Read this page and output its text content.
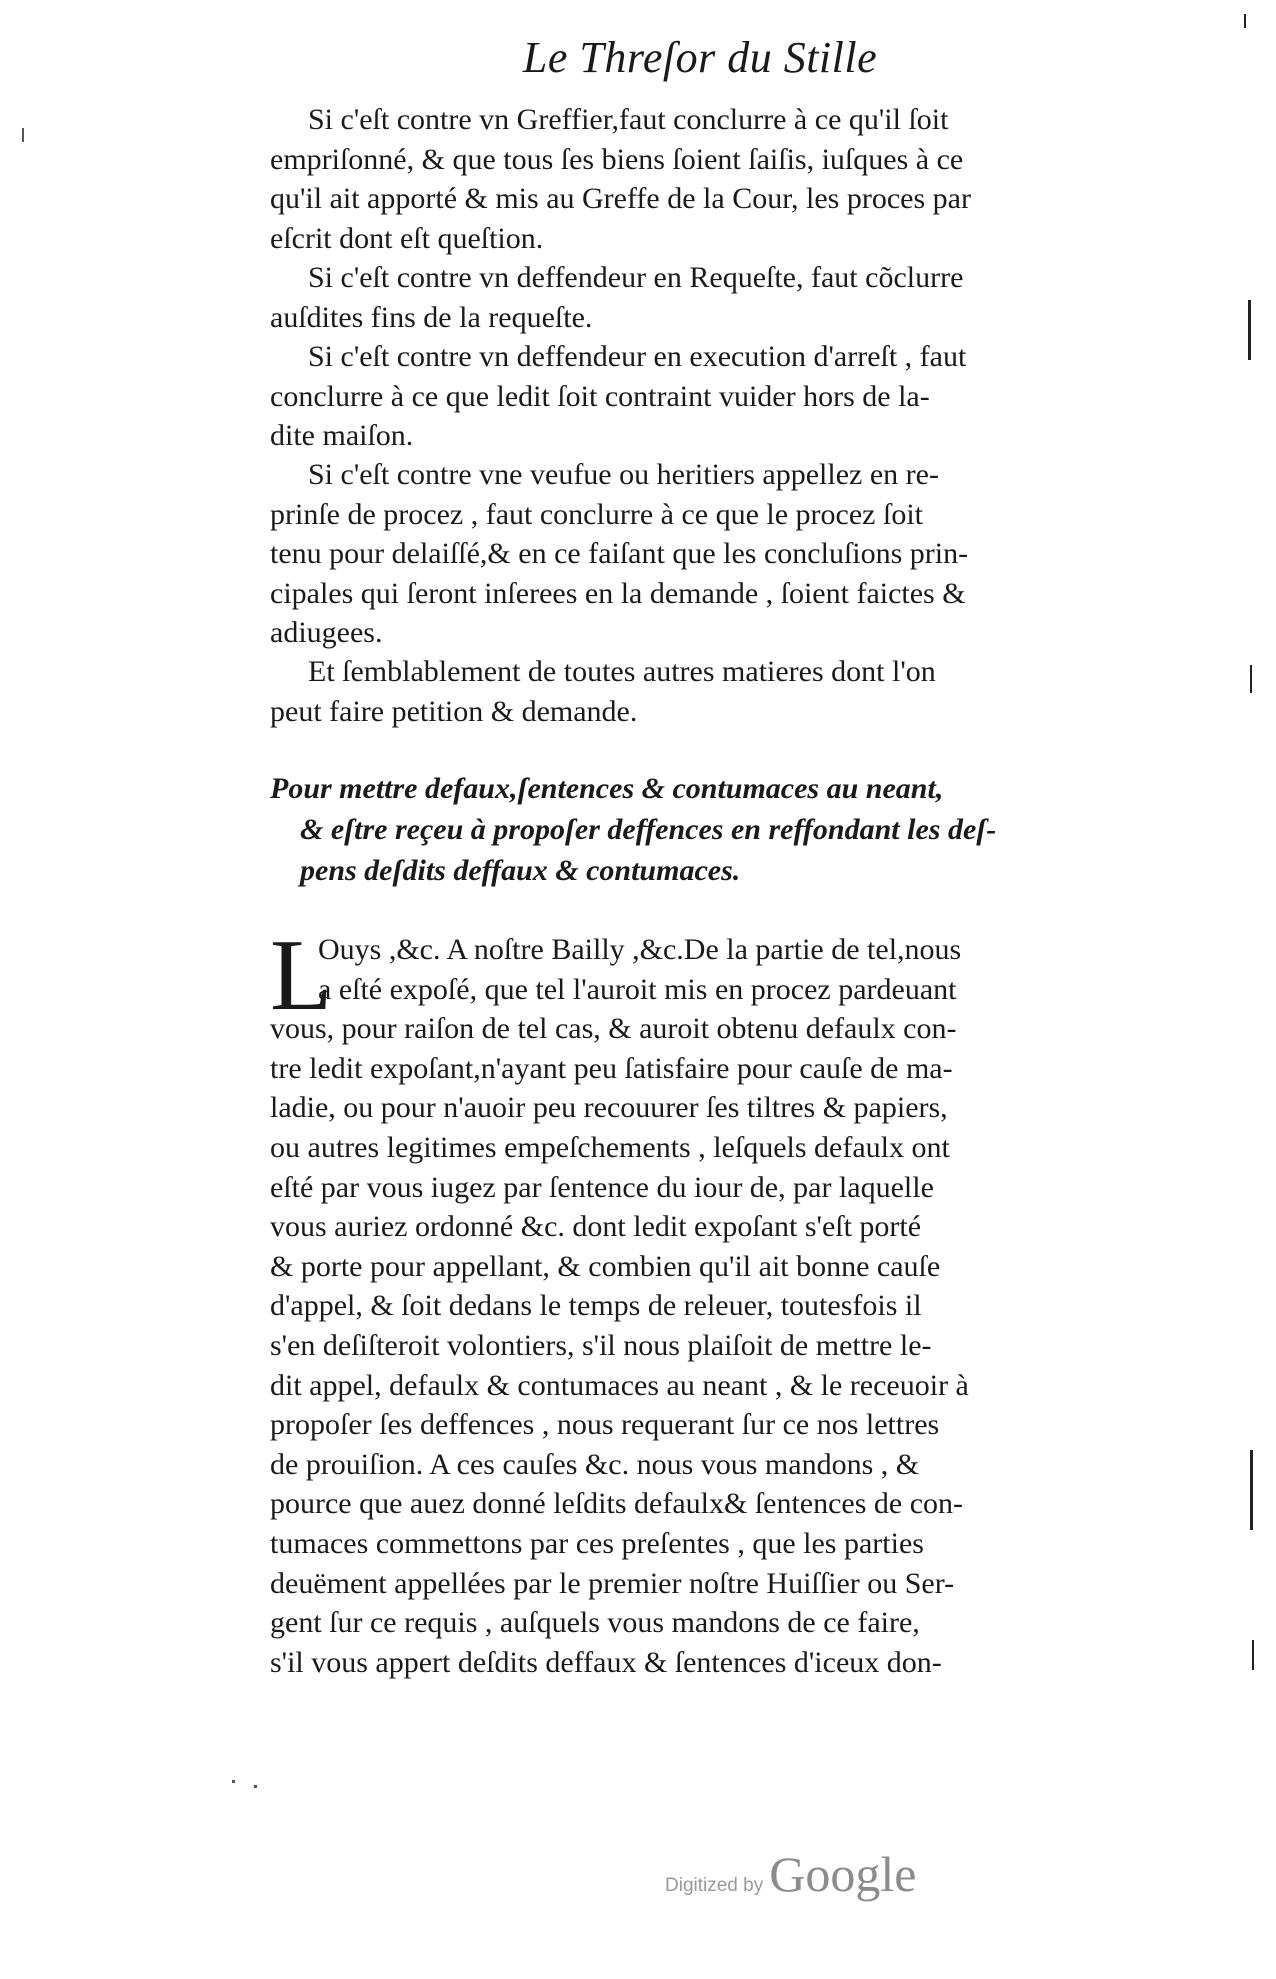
Le Threſor du Stille
Si c'eſt contre vn Greffier,faut conclurre à ce qu'il ſoit
empriſonné, & que tous ſes biens ſoient ſaiſis, iuſques à ce
qu'il ait apporté & mis au Greffe de la Cour, les proces par
eſcrit dont eſt queſtion.
Si c'eſt contre vn deffendeur en Requeſte, faut cõclurre
auſdites fins de la requeſte.
Si c'eſt contre vn deffendeur en execution d'arreſt , faut
conclurre à ce que ledit ſoit contraint vuider hors de la-
dite maiſon.
Si c'eſt contre vne veufue ou heritiers appellez en re-
prinſe de procez , faut conclurre à ce que le procez ſoit
tenu pour delaiſſé,& en ce faiſant que les concluſions prin-
cipales qui ſeront inſerees en la demande , ſoient faictes &
adiugees.
Et ſemblablement de toutes autres matieres dont l'on
peut faire petition & demande.
Pour mettre defaux,ſentences & contumaces au neant,
& eſtre reçeu à propoſer deffences en reffondant les deſ-
pens deſdits deffaux & contumaces.
L
Ouys ,&c. A noſtre Bailly ,&c.De la partie de tel,nous
a eſté expoſé, que tel l'auroit mis en procez pardeuant
vous, pour raiſon de tel cas, & auroit obtenu defaulx con-
tre ledit expoſant,n'ayant peu ſatisfaire pour cauſe de ma-
ladie, ou pour n'auoir peu recouurer ſes tiltres & papiers,
ou autres legitimes empeſchements , leſquels defaulx ont
eſté par vous iugez par ſentence du iour de, par laquelle
vous auriez ordonné &c. dont ledit expoſant s'eſt porté
& porte pour appellant, & combien qu'il ait bonne cauſe
d'appel, & ſoit dedans le temps de releuer, toutesfois il
s'en deſiſteroit volontiers, s'il nous plaiſoit de mettre le-
dit appel, defaulx & contumaces au neant , & le receuoir à
propoſer ſes deffences , nous requerant ſur ce nos lettres
de prouiſion. A ces cauſes &c. nous vous mandons , &
pource que auez donné leſdits defaulx& ſentences de con-
tumaces commettons par ces preſentes , que les parties
deuëment appellées par le premier noſtre Huiſſier ou Ser-
gent ſur ce requis , auſquels vous mandons de ce faire,
s'il vous appert deſdits deffaux & ſentences d'iceux don-
Digitized by Google
